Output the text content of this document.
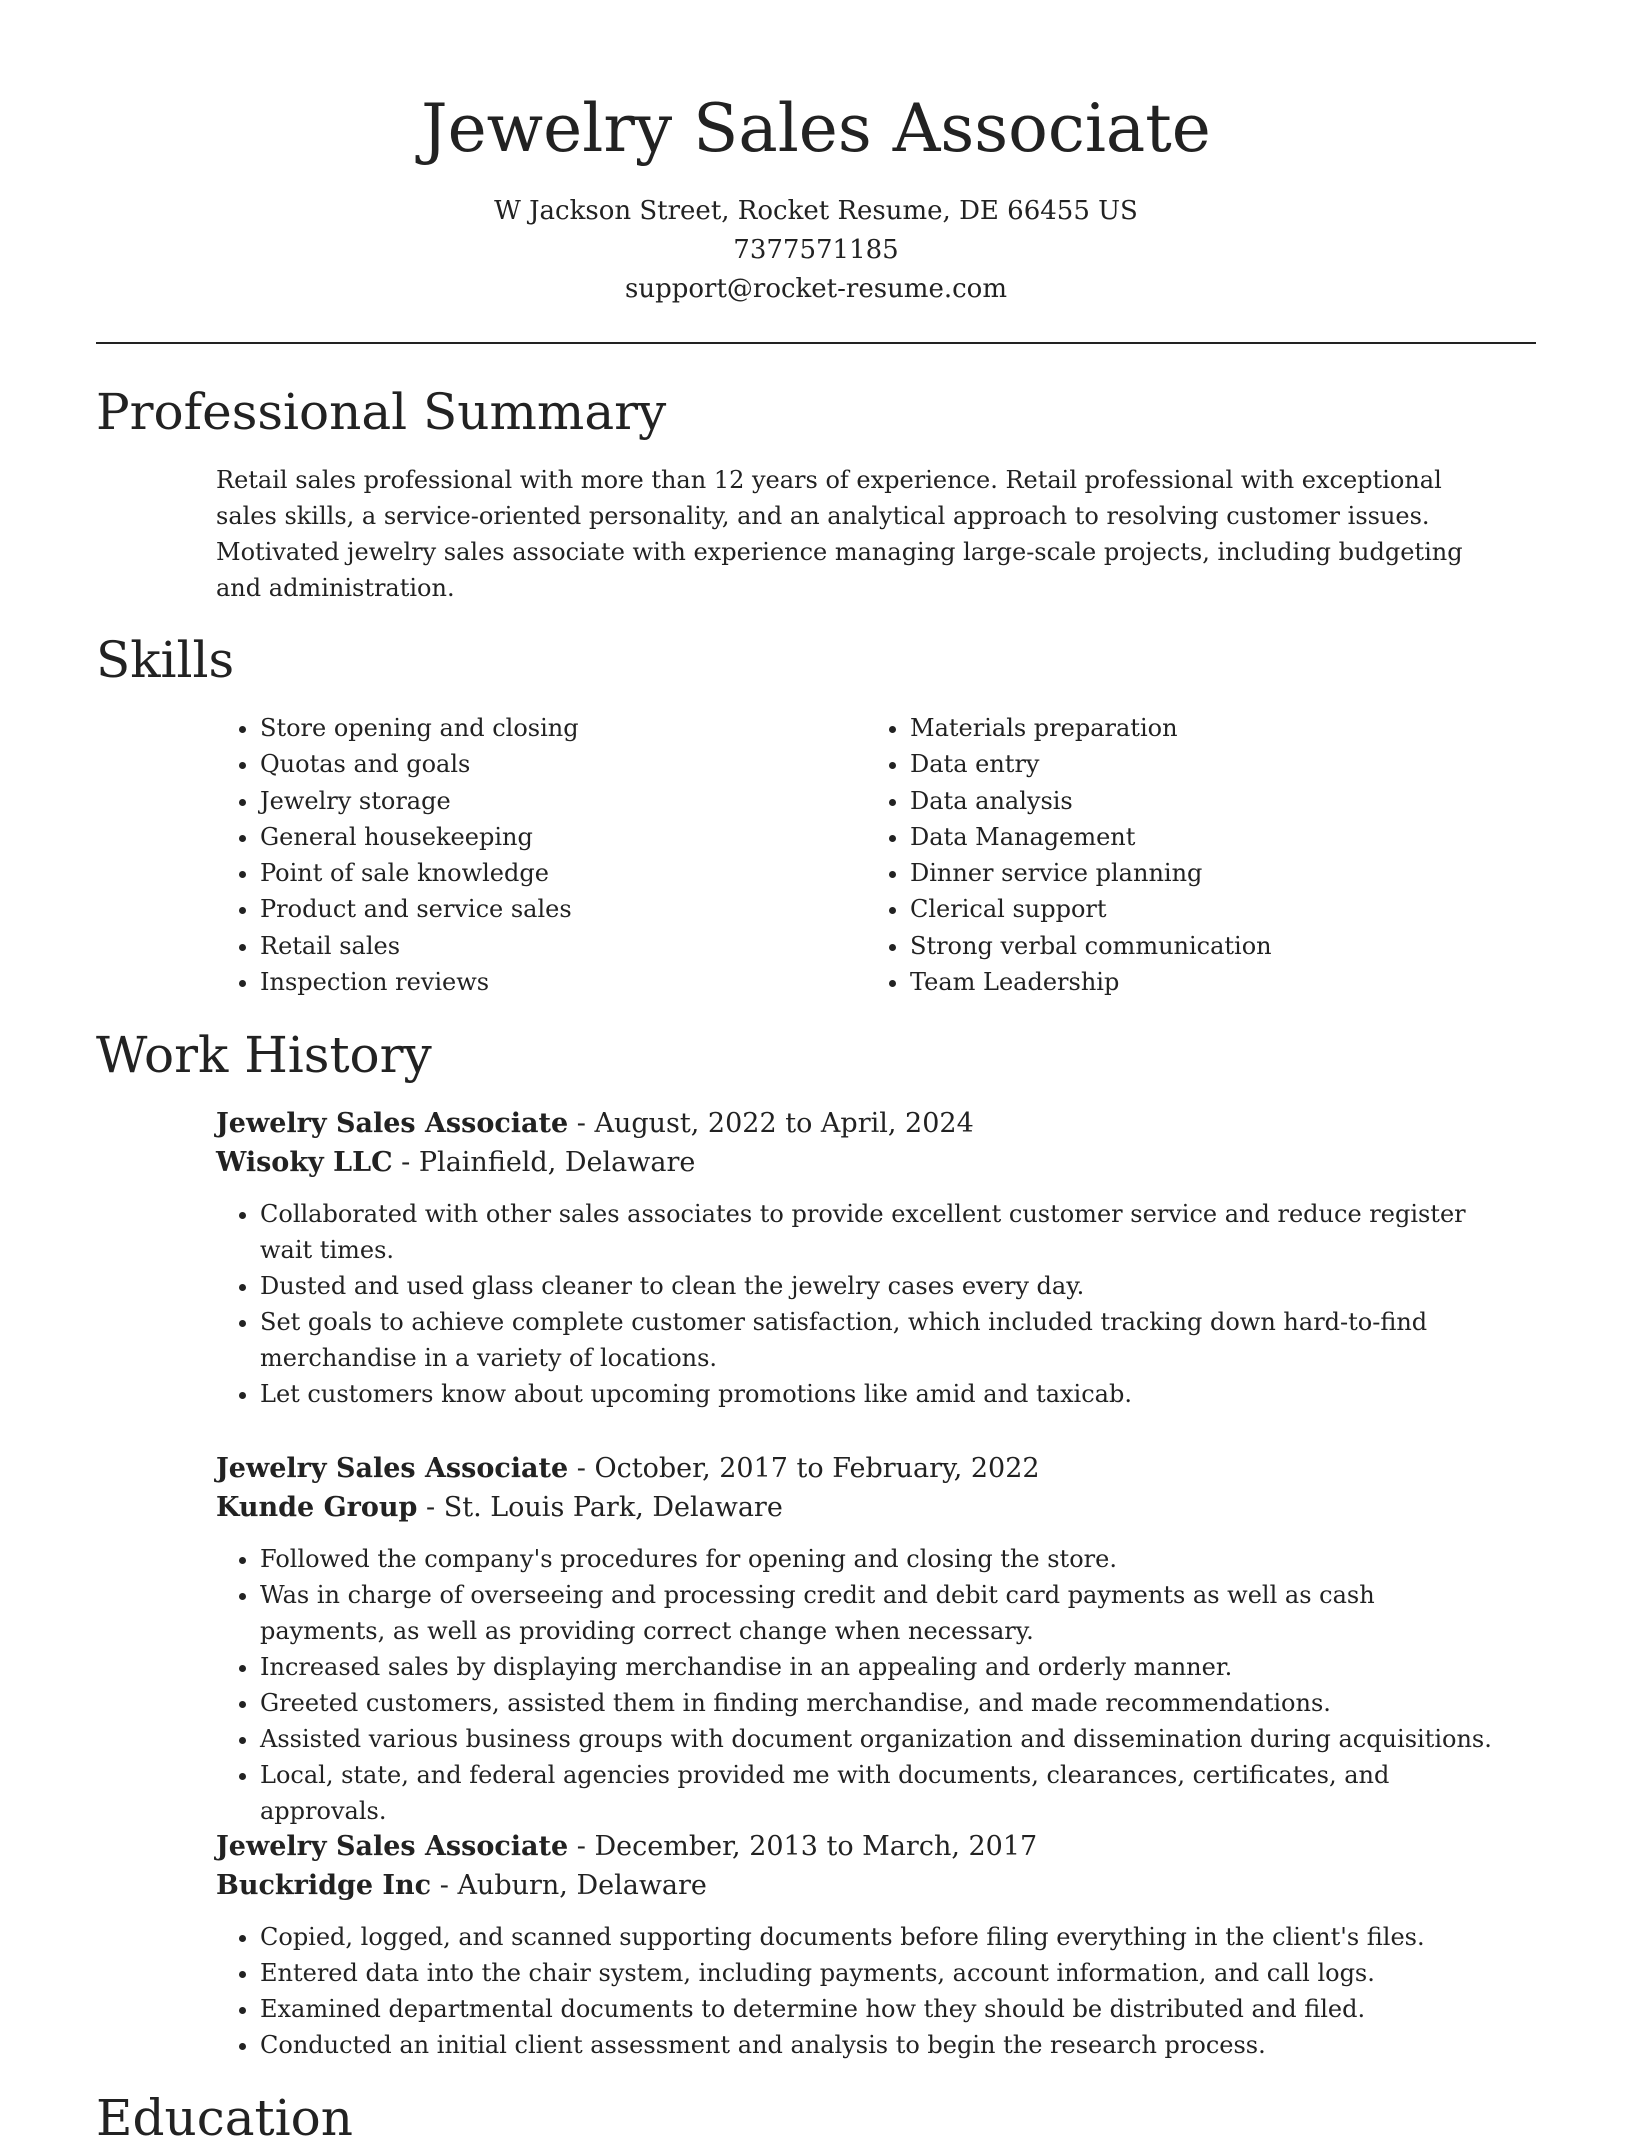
Jewelry Sales Associate
W Jackson Street, Rocket Resume, DE 66455 US
7377571185
support@rocket-resume.com
Professional Summary

Retail sales professional with more than 12 years of experience. Retail professional with exceptional sales skills, a service-oriented personality, and an analytical approach to resolving customer issues. Motivated jewelry sales associate with experience managing large-scale projects, including budgeting and administration.

Skills
• Store opening and closing
• Quotas and goals
• Jewelry storage
• General housekeeping
• Point of sale knowledge
• Product and service sales
• Retail sales
• Inspection reviews
• Materials preparation
• Data entry
• Data analysis
• Data Management
• Dinner service planning
• Clerical support
• Strong verbal communication
• Team Leadership
Work History
Jewelry Sales Associate - August, 2022 to April, 2024
Wisoky LLC - Plainfield, Delaware
• Collaborated with other sales associates to provide excellent customer service and reduce register wait times.
• Dusted and used glass cleaner to clean the jewelry cases every day.
• Set goals to achieve complete customer satisfaction, which included tracking down hard-to-find merchandise in a variety of locations.
• Let customers know about upcoming promotions like amid and taxicab.
Jewelry Sales Associate - October, 2017 to February, 2022
Kunde Group - St. Louis Park, Delaware
• Followed the company's procedures for opening and closing the store.
• Was in charge of overseeing and processing credit and debit card payments as well as cash payments, as well as providing correct change when necessary.
• Increased sales by displaying merchandise in an appealing and orderly manner.
• Greeted customers, assisted them in finding merchandise, and made recommendations.
• Assisted various business groups with document organization and dissemination during acquisitions.
• Local, state, and federal agencies provided me with documents, clearances, certificates, and approvals.
Jewelry Sales Associate - December, 2013 to March, 2017
Buckridge Inc - Auburn, Delaware
• Copied, logged, and scanned supporting documents before filing everything in the client's files.
• Entered data into the chair system, including payments, account information, and call logs.
• Examined departmental documents to determine how they should be distributed and filed.
• Conducted an initial client assessment and analysis to begin the research process.
Education
